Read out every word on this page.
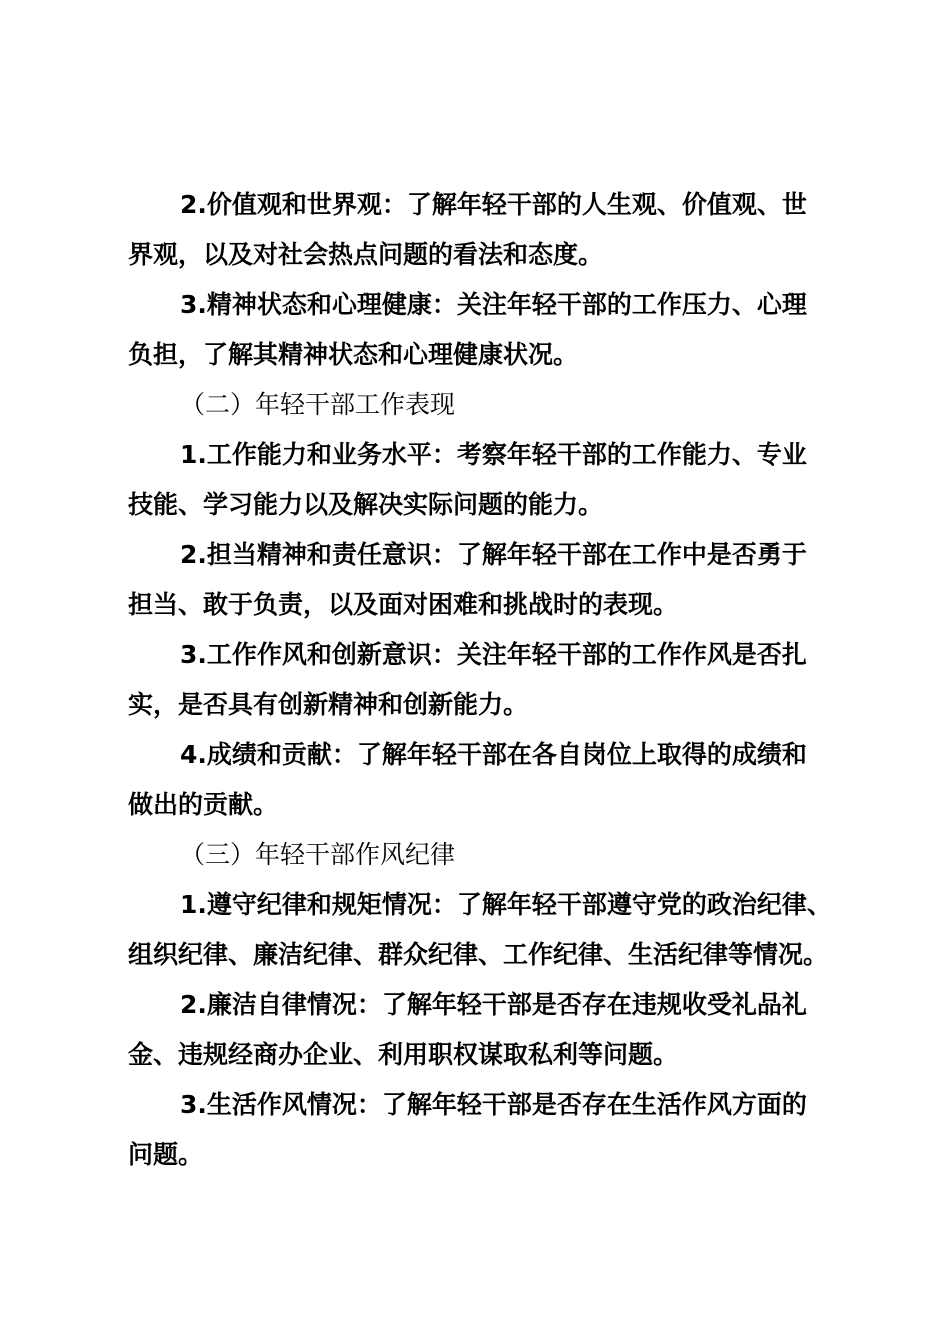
2.价值观和世界观：了解年轻干部的人生观、价值观、世
界观，以及对社会热点问题的看法和态度。
3.精神状态和心理健康：关注年轻干部的工作压力、心理
负担，了解其精神状态和心理健康状况。
（二）年轻干部工作表现
1.工作能力和业务水平：考察年轻干部的工作能力、专业
技能、学习能力以及解决实际问题的能力。
2.担当精神和责任意识：了解年轻干部在工作中是否勇于
担当、敢于负责，以及面对困难和挑战时的表现。
3.工作作风和创新意识：关注年轻干部的工作作风是否扎
实，是否具有创新精神和创新能力。
4.成绩和贡献：了解年轻干部在各自岗位上取得的成绩和
做出的贡献。
（三）年轻干部作风纪律
1.遵守纪律和规矩情况：了解年轻干部遵守党的政治纪律、
组织纪律、廉洁纪律、群众纪律、工作纪律、生活纪律等情况。
2.廉洁自律情况：了解年轻干部是否存在违规收受礼品礼
金、违规经商办企业、利用职权谋取私利等问题。
3.生活作风情况：了解年轻干部是否存在生活作风方面的
问题。
